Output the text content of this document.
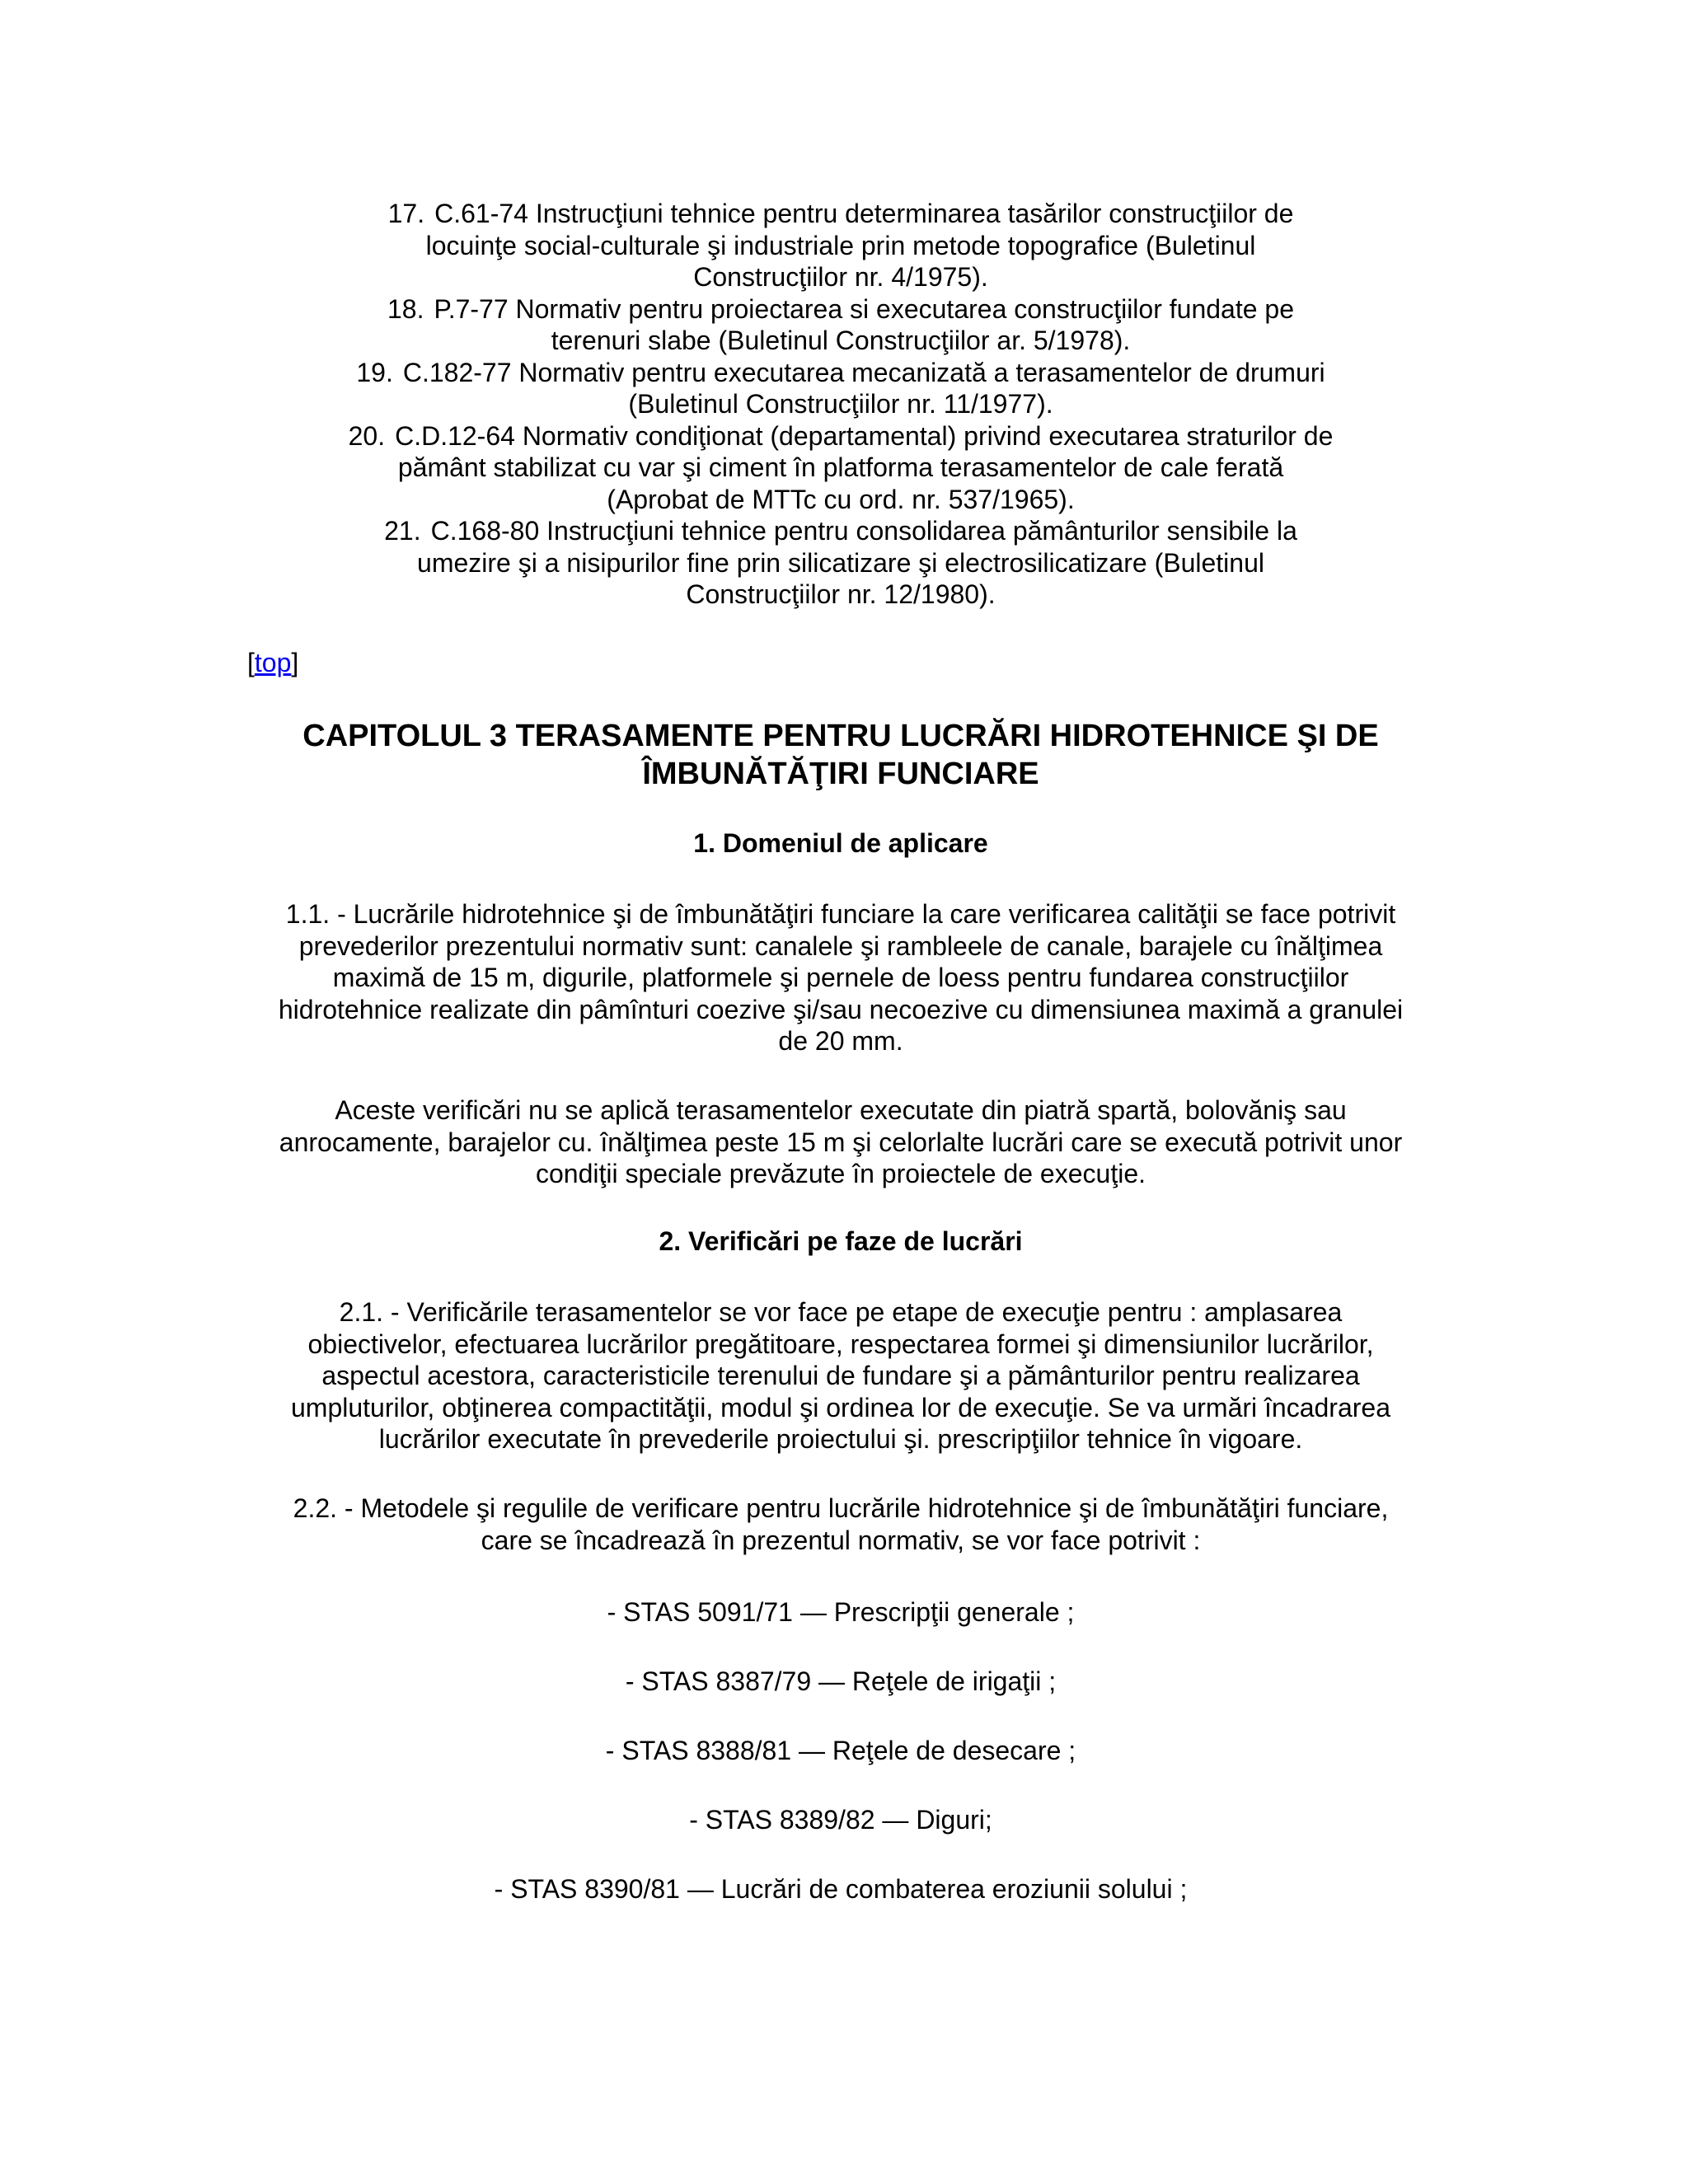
17. C.61-74 Instrucţiuni tehnice pentru determinarea tasărilor construcţiilor de
locuinţe social-culturale şi industriale prin metode topografice (Buletinul
Construcţiilor nr. 4/1975).
18. P.7-77 Normativ pentru proiectarea si executarea construcţiilor fundate pe
terenuri slabe (Buletinul Construcţiilor ar. 5/1978).
19. C.182-77 Normativ pentru executarea mecanizată a terasamentelor de drumuri
(Buletinul Construcţiilor nr. 11/1977).
20. C.D.12-64 Normativ condiţionat (departamental) privind executarea straturilor de
pământ stabilizat cu var şi ciment în platforma terasamentelor de cale ferată
(Aprobat de MTTc cu ord. nr. 537/1965).
21. C.168-80 Instrucţiuni tehnice pentru consolidarea pământurilor sensibile la
umezire şi a nisipurilor fine prin silicatizare şi electrosilicatizare (Buletinul
Construcţiilor nr. 12/1980).
[top]
CAPITOLUL 3 TERASAMENTE PENTRU LUCRĂRI HIDROTEHNICE ŞI DE
ÎMBUNĂTĂŢIRI FUNCIARE
1. Domeniul de aplicare
1.1. - Lucrările hidrotehnice şi de îmbunătăţiri funciare la care verificarea calităţii se face potrivit
prevederilor prezentului normativ sunt: canalele şi rambleele de canale, barajele cu înălţimea
maximă de 15 m, digurile, platformele şi pernele de loess pentru fundarea construcţiilor
hidrotehnice realizate din pâmînturi coezive şi/sau necoezive cu dimensiunea maximă a granulei
de 20 mm.
Aceste verificări nu se aplică terasamentelor executate din piatră spartă, bolovăniş sau
anrocamente, barajelor cu. înălţimea peste 15 m şi celorlalte lucrări care se execută potrivit unor
condiţii speciale prevăzute în proiectele de execuţie.
2. Verificări pe faze de lucrări
2.1. - Verificările terasamentelor se vor face pe etape de execuţie pentru : amplasarea
obiectivelor, efectuarea lucrărilor pregătitoare, respectarea formei şi dimensiunilor lucrărilor,
aspectul acestora, caracteristicile terenului de fundare şi a pământurilor pentru realizarea
umpluturilor, obţinerea compactităţii, modul şi ordinea lor de execuţie. Se va urmări încadrarea
lucrărilor executate în prevederile proiectului şi. prescripţiilor tehnice în vigoare.
2.2. - Metodele şi regulile de verificare pentru lucrările hidrotehnice şi de îmbunătăţiri funciare,
care se încadrează în prezentul normativ, se vor face potrivit :
- STAS 5091/71 — Prescripţii generale ;
- STAS 8387/79 — Reţele de irigaţii ;
- STAS 8388/81 — Reţele de desecare ;
- STAS 8389/82 — Diguri;
- STAS 8390/81 — Lucrări de combaterea eroziunii solului ;
